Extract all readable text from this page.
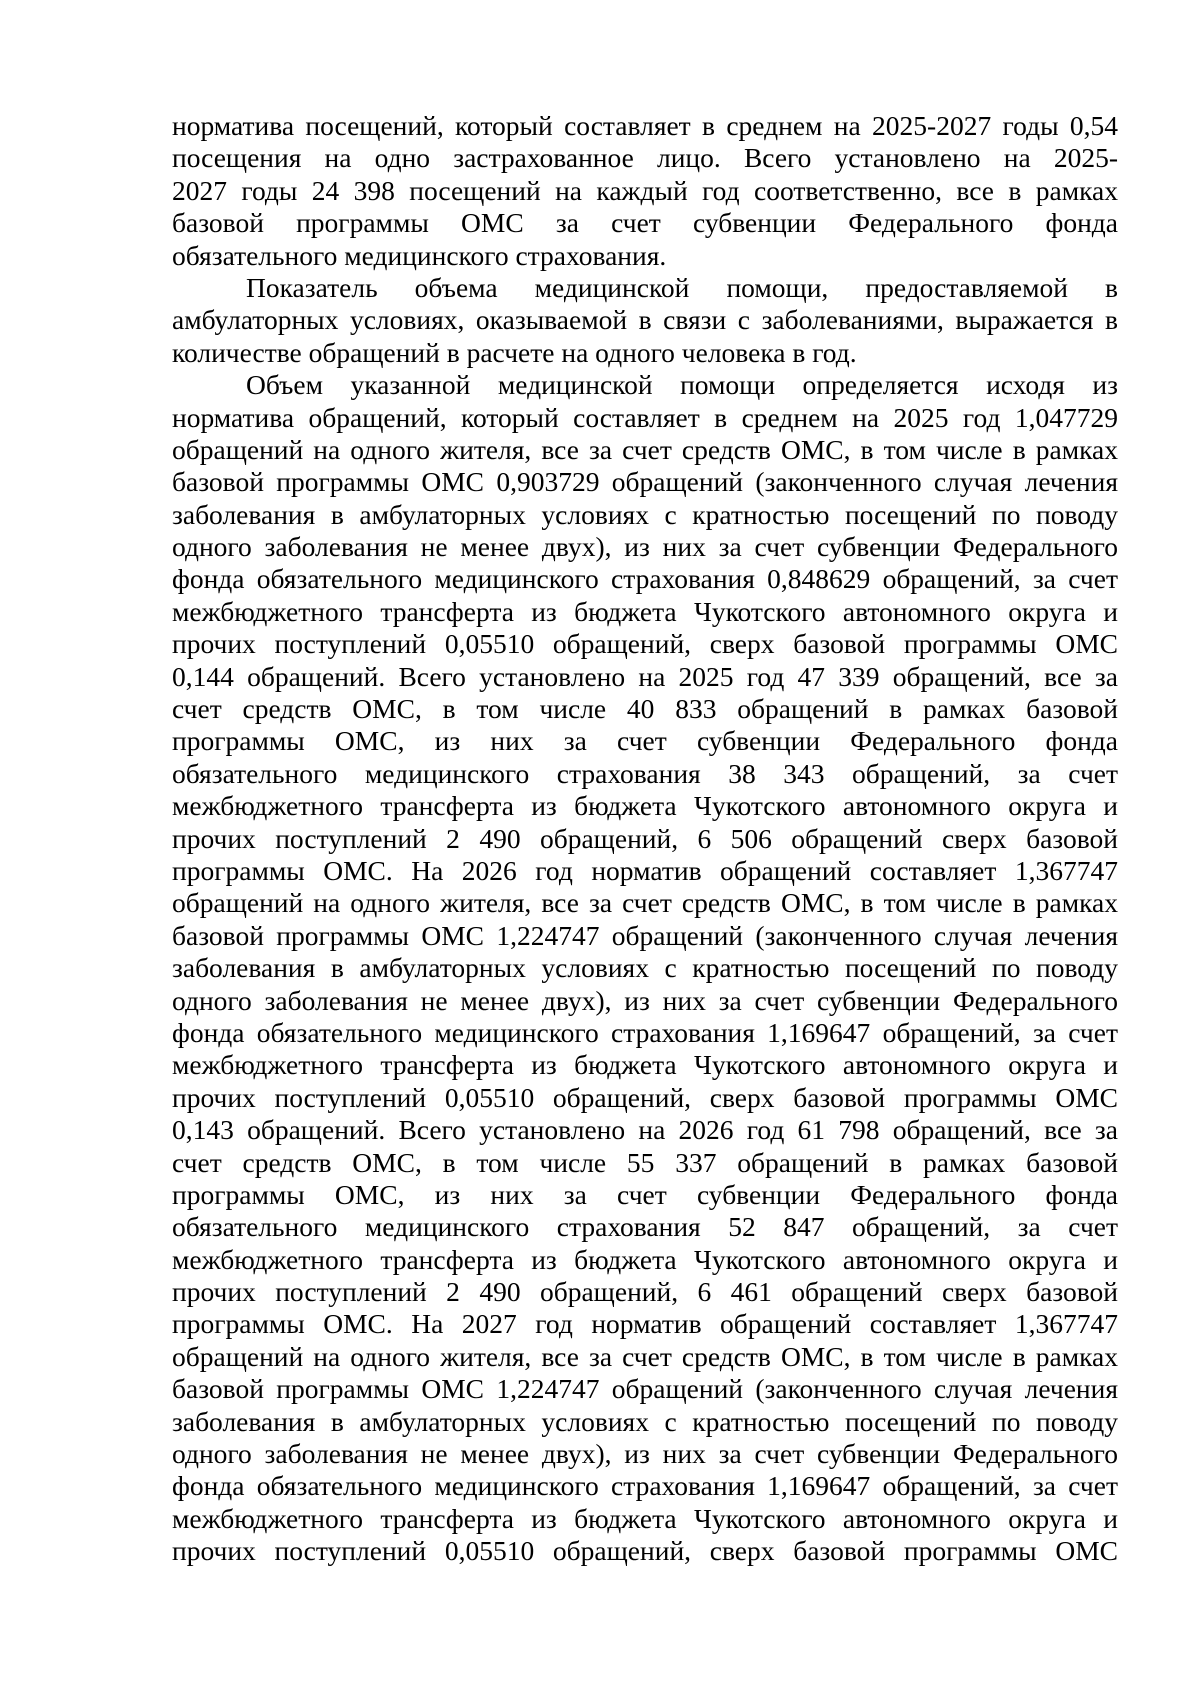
норматива посещений, который составляет в среднем на 2025-2027 годы 0,54
посещения на одно застрахованное лицо. Всего установлено на 2025-
2027 годы 24 398 посещений на каждый год соответственно, все в рамках
базовой программы ОМС за счет субвенции Федерального фонда
обязательного медицинского страхования.
Показатель объема медицинской помощи, предоставляемой в
амбулаторных условиях, оказываемой в связи с заболеваниями, выражается в
количестве обращений в расчете на одного человека в год.
Объем указанной медицинской помощи определяется исходя из
норматива обращений, который составляет в среднем на 2025 год 1,047729
обращений на одного жителя, все за счет средств ОМС, в том числе в рамках
базовой программы ОМС 0,903729 обращений (законченного случая лечения
заболевания в амбулаторных условиях с кратностью посещений по поводу
одного заболевания не менее двух), из них за счет субвенции Федерального
фонда обязательного медицинского страхования 0,848629 обращений, за счет
межбюджетного трансферта из бюджета Чукотского автономного округа и
прочих поступлений 0,05510 обращений, сверх базовой программы ОМС
0,144 обращений. Всего установлено на 2025 год 47 339 обращений, все за
счет средств ОМС, в том числе 40 833 обращений в рамках базовой
программы ОМС, из них за счет субвенции Федерального фонда
обязательного медицинского страхования 38 343 обращений, за счет
межбюджетного трансферта из бюджета Чукотского автономного округа и
прочих поступлений 2 490 обращений, 6 506 обращений сверх базовой
программы ОМС. На 2026 год норматив обращений составляет 1,367747
обращений на одного жителя, все за счет средств ОМС, в том числе в рамках
базовой программы ОМС 1,224747 обращений (законченного случая лечения
заболевания в амбулаторных условиях с кратностью посещений по поводу
одного заболевания не менее двух), из них за счет субвенции Федерального
фонда обязательного медицинского страхования 1,169647 обращений, за счет
межбюджетного трансферта из бюджета Чукотского автономного округа и
прочих поступлений 0,05510 обращений, сверх базовой программы ОМС
0,143 обращений. Всего установлено на 2026 год 61 798 обращений, все за
счет средств ОМС, в том числе 55 337 обращений в рамках базовой
программы ОМС, из них за счет субвенции Федерального фонда
обязательного медицинского страхования 52 847 обращений, за счет
межбюджетного трансферта из бюджета Чукотского автономного округа и
прочих поступлений 2 490 обращений, 6 461 обращений сверх базовой
программы ОМС. На 2027 год норматив обращений составляет 1,367747
обращений на одного жителя, все за счет средств ОМС, в том числе в рамках
базовой программы ОМС 1,224747 обращений (законченного случая лечения
заболевания в амбулаторных условиях с кратностью посещений по поводу
одного заболевания не менее двух), из них за счет субвенции Федерального
фонда обязательного медицинского страхования 1,169647 обращений, за счет
межбюджетного трансферта из бюджета Чукотского автономного округа и
прочих поступлений 0,05510 обращений, сверх базовой программы ОМС
